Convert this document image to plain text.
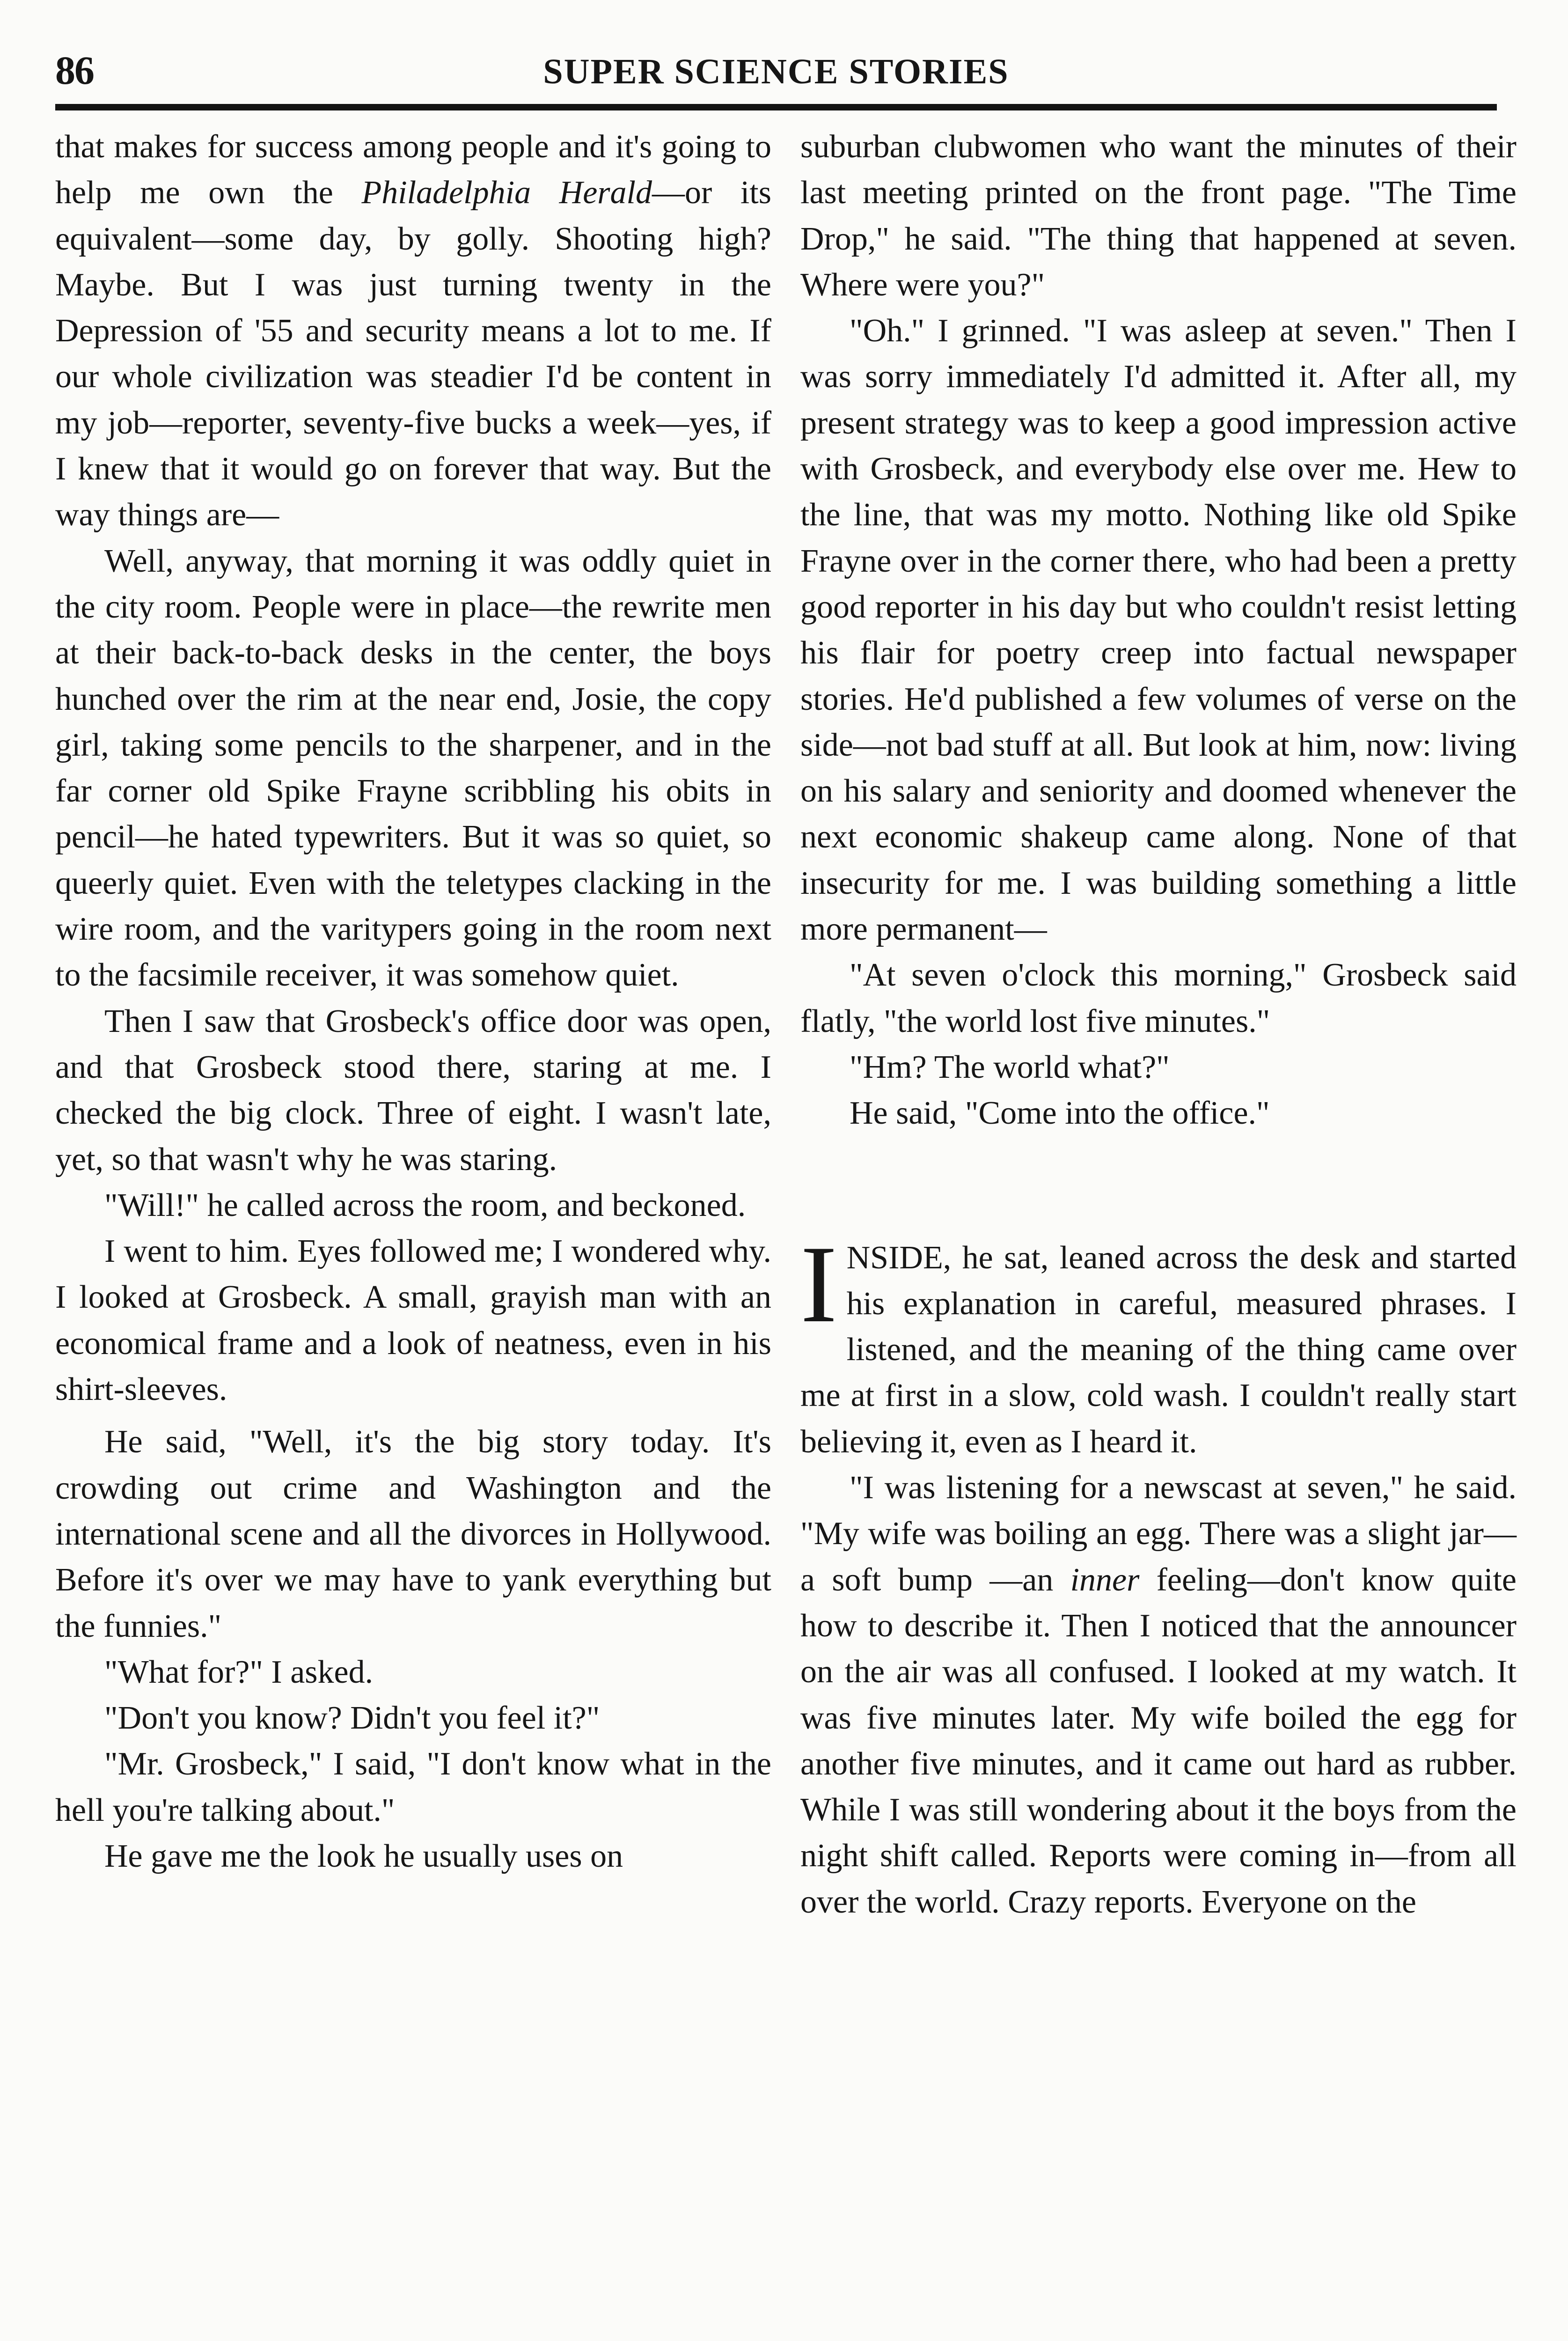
86	SUPER SCIENCE STORIES

that makes for success among people and it's going to help me own the Philadelphia Herald—or its equivalent—some day, by golly. Shooting high? Maybe. But I was just turning twenty in the Depression of '55 and security means a lot to me. If our whole civilization was steadier I'd be content in my job—reporter, seventy-five bucks a week—yes, if I knew that it would go on forever that way. But the way things are—

Well, anyway, that morning it was oddly quiet in the city room. People were in place—the rewrite men at their back-to-back desks in the center, the boys hunched over the rim at the near end, Josie, the copy girl, taking some pencils to the sharpener, and in the far corner old Spike Frayne scribbling his obits in pencil—he hated typewriters. But it was so quiet, so queerly quiet. Even with the teletypes clacking in the wire room, and the varitypers going in the room next to the facsimile receiver, it was somehow quiet.

Then I saw that Grosbeck's office door was open, and that Grosbeck stood there, staring at me. I checked the big clock. Three of eight. I wasn't late, yet, so that wasn't why he was staring.

"Will!" he called across the room, and beckoned.

I went to him. Eyes followed me; I wondered why. I looked at Grosbeck. A small, grayish man with an economical frame and a look of neatness, even in his shirt-sleeves.

He said, "Well, it's the big story today. It's crowding out crime and Washington and the international scene and all the divorces in Hollywood. Before it's over we may have to yank everything but the funnies."

"What for?" I asked.

"Don't you know? Didn't you feel it?"

"Mr. Grosbeck," I said, "I don't know what in the hell you're talking about."

He gave me the look he usually uses on

suburban clubwomen who want the minutes of their last meeting printed on the front page. "The Time Drop," he said. "The thing that happened at seven. Where were you?"

"Oh." I grinned. "I was asleep at seven." Then I was sorry immediately I'd admitted it. After all, my present strategy was to keep a good impression active with Grosbeck, and everybody else over me. Hew to the line, that was my motto. Nothing like old Spike Frayne over in the corner there, who had been a pretty good reporter in his day but who couldn't resist letting his flair for poetry creep into factual newspaper stories. He'd published a few volumes of verse on the side—not bad stuff at all. But look at him, now: living on his salary and seniority and doomed whenever the next economic shakeup came along. None of that insecurity for me. I was building something a little more permanent—

"At seven o'clock this morning," Grosbeck said flatly, "the world lost five minutes."

"Hm? The world what?"

He said, "Come into the office."

INSIDE, he sat, leaned across the desk and started his explanation in careful, measured phrases. I listened, and the meaning of the thing came over me at first in a slow, cold wash. I couldn't really start believing it, even as I heard it.

"I was listening for a newscast at seven," he said. "My wife was boiling an egg. There was a slight jar—a soft bump —an inner feeling—don't know quite how to describe it. Then I noticed that the announcer on the air was all confused. I looked at my watch. It was five minutes later. My wife boiled the egg for another five minutes, and it came out hard as rubber. While I was still wondering about it the boys from the night shift called. Reports were coming in—from all over the world. Crazy reports. Everyone on the
